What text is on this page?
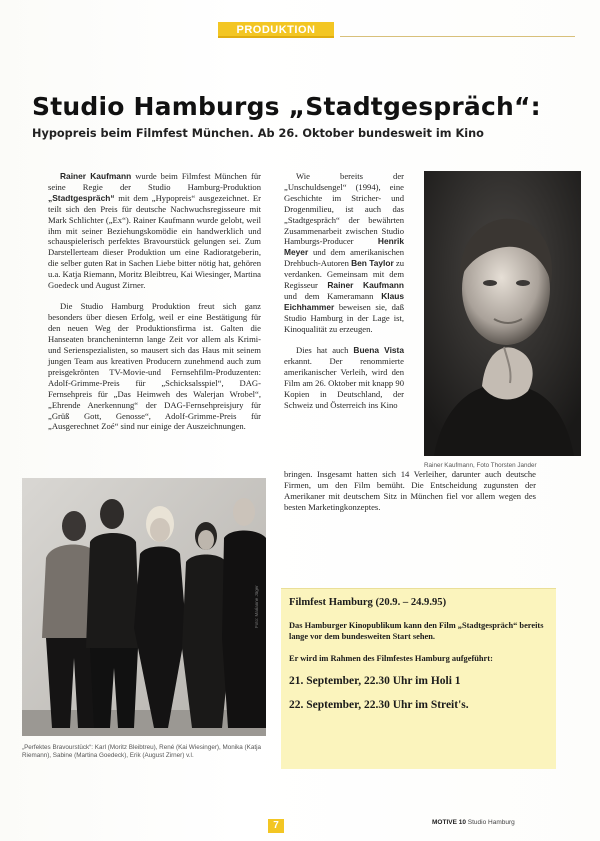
PRODUKTION
Studio Hamburgs „Stadtgespräch“:
Hypopreis beim Filmfest München. Ab 26. Oktober bundesweit im Kino

Rainer Kaufmann wurde beim Filmfest München für seine Regie der Studio Hamburg-Produktion „Stadtgespräch“ mit dem „Hypopreis“ ausgezeichnet. Er teilt sich den Preis für deutsche Nachwuchsregisseure mit Mark Schlichter („Ex“). Rainer Kaufmann wurde gelobt, weil ihm mit seiner Beziehungskomödie ein handwerklich und schauspielerisch perfektes Bravourstück gelungen sei. Zum Darstellerteam dieser Produktion um eine Radioratgeberin, die selber guten Rat in Sachen Liebe bitter nötig hat, gehören u.a. Katja Riemann, Moritz Bleibtreu, Kai Wiesinger, Martina Goedeck und August Zirner.

Die Studio Hamburg Produktion freut sich ganz besonders über diesen Erfolg, weil er eine Bestätigung für den neuen Weg der Produktionsfirma ist. Galten die Hanseaten brancheninternn lange Zeit vor allem als Krimi- und Serienspezialisten, so mausert sich das Haus mit seinem jungen Team aus kreativen Producern zunehmend auch zum preisgekrönten TV-Movie-und Fernsehfilm-Produzenten: Adolf-Grimme-Preis für „Schicksalsspiel“, DAG-Fernsehpreis für „Das Heimweh des Walerjan Wrobel“, „Ehrende Anerkennung“ der DAG-Fernsehpreisjury für „Grüß Gott, Genosse“, Adolf-Grimme-Preis für „Ausgerechnet Zoé“ sind nur einige der Auszeichnungen.

Wie bereits der „Unschuldsengel“ (1994), eine Geschichte im Stricher- und Drogenmilieu, ist auch das „Stadtgespräch“ der bewährten Zusammenarbeit zwischen Studio Hamburgs-Producer Henrik Meyer und dem amerikanischen Drehbuch-Autoren Ben Taylor zu verdanken. Gemeinsam mit dem Regisseur Rainer Kaufmann und dem Kameramann Klaus Eichhammer beweisen sie, daß Studio Hamburg in der Lage ist, Kinoqualität zu erzeugen.

Dies hat auch Buena Vista erkannt. Der renommierte amerikanischer Verleih, wird den Film am 26. Oktober mit knapp 90 Kopien in Deutschland, der Schweiz und Österreich ins Kino

bringen. Insgesamt hatten sich 14 Verleiher, darunter auch deutsche Firmen, um den Film bemüht. Die Entscheidung zugunsten der Amerikaner mit deutschem Sitz in München fiel vor allem wegen des besten Marketingkonzeptes.

Rainer Kaufmann, Foto Thorsten Jander
Foto: Marianne Jäger
„Perfektes Bravourstück“: Karl (Moritz Bleibtreu), René (Kai Wiesinger), Monika (Katja Riemann), Sabine (Martina Goedeck), Erik (August Zirner) v.l.
Filmfest Hamburg (20.9. – 24.9.95)
Das Hamburger Kinopublikum kann den Film „Stadtgespräch“ bereits lange vor dem bundesweiten Start sehen.
Er wird im Rahmen des Filmfestes Hamburg aufgeführt:
21. September, 22.30 Uhr im Holi 1
22. September, 22.30 Uhr im Streit's.
7	MOTIVE 10 Studio Hamburg
